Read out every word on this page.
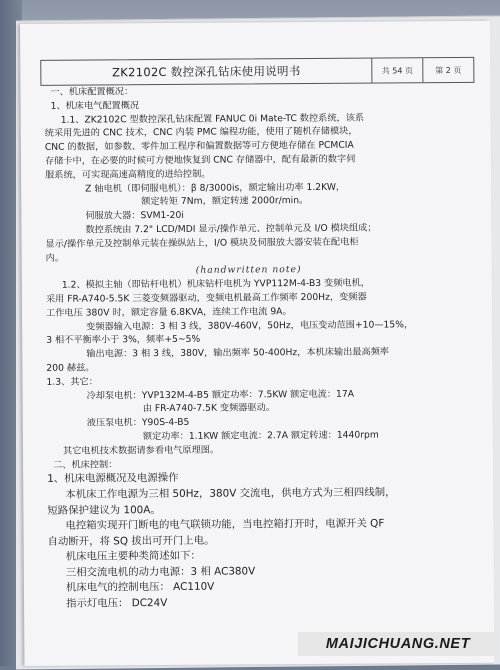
ZK2102C 数控深孔钻床使用说明书	共 54 页	第 2 页

一、机床配置概况：

1、机床电气配置概况

1.1、ZK2102C 型数控深孔钻床配置 FANUC 0i Mate-TC 数控系统，该系

统采用先进的 CNC 技术，CNC 内装 PMC 编程功能，使用了随机存储模块，

CNC 的数据，如参数、零件加工程序和偏置数据等可方便地存储在 PCMCIA

存储卡中，在必要的时候可方便地恢复到 CNC 存储器中，配有最新的数字伺

服系统，可实现高速高精度的进给控制。

Z 轴电机（即伺服电机）：β 8/3000is，额定输出功率 1.2KW，

额定转矩 7Nm，额定转速 2000r/min。

伺服放大器：SVM1-20i

数控系统由 7.2" LCD/MDI 显示/操作单元、控制单元及 I/O 模块组成；

显示/操作单元及控制单元装在操纵站上，I/O 模块及伺服放大器安装在配电柜

内。

(handwritten note)

1.2、模拟主轴（即钻杆电机）机床钻杆电机为 YVP112M-4-B3 变频电机，

采用 FR-A740-5.5K 三菱变频器驱动，变频电机最高工作频率 200Hz，变频器

工作电压 380V 时，额定容量 6.8KVA，连续工作电流 9A。

变频器输入电源：3 相 3 线，380V-460V，50Hz，电压变动范围+10—15%，

3 相不平衡率小于 3%，频率+5~5%

输出电源：3 相 3 线，380V，输出频率 50-400Hz，本机床输出最高频率

200 赫兹。

1.3、其它：

冷却泵电机：YVP132M-4-B5 额定功率：7.5KW 额定电流：17A

由 FR-A740-7.5K 变频器驱动。

液压泵电机：Y90S-4-B5

额定功率：1.1KW 额定电流：2.7A 额定转速：1440rpm

其它电机技术数据请参看电气原理图。

二、机床控制：

1、机床电源概况及电源操作

本机床工作电源为三相 50Hz，380V 交流电，供电方式为三相四线制，

短路保护建议为 100A。

电控箱实现开门断电的电气联锁功能，当电控箱打开时，电源开关 QF

自动断开，将 SQ 拔出可开门上电。

机床电压主要种类简述如下：

三相交流电机的动力电源：3 相 AC380V

机床电气的控制电压： AC110V

指示灯电压： DC24V

MAIJICHUANG.NET
